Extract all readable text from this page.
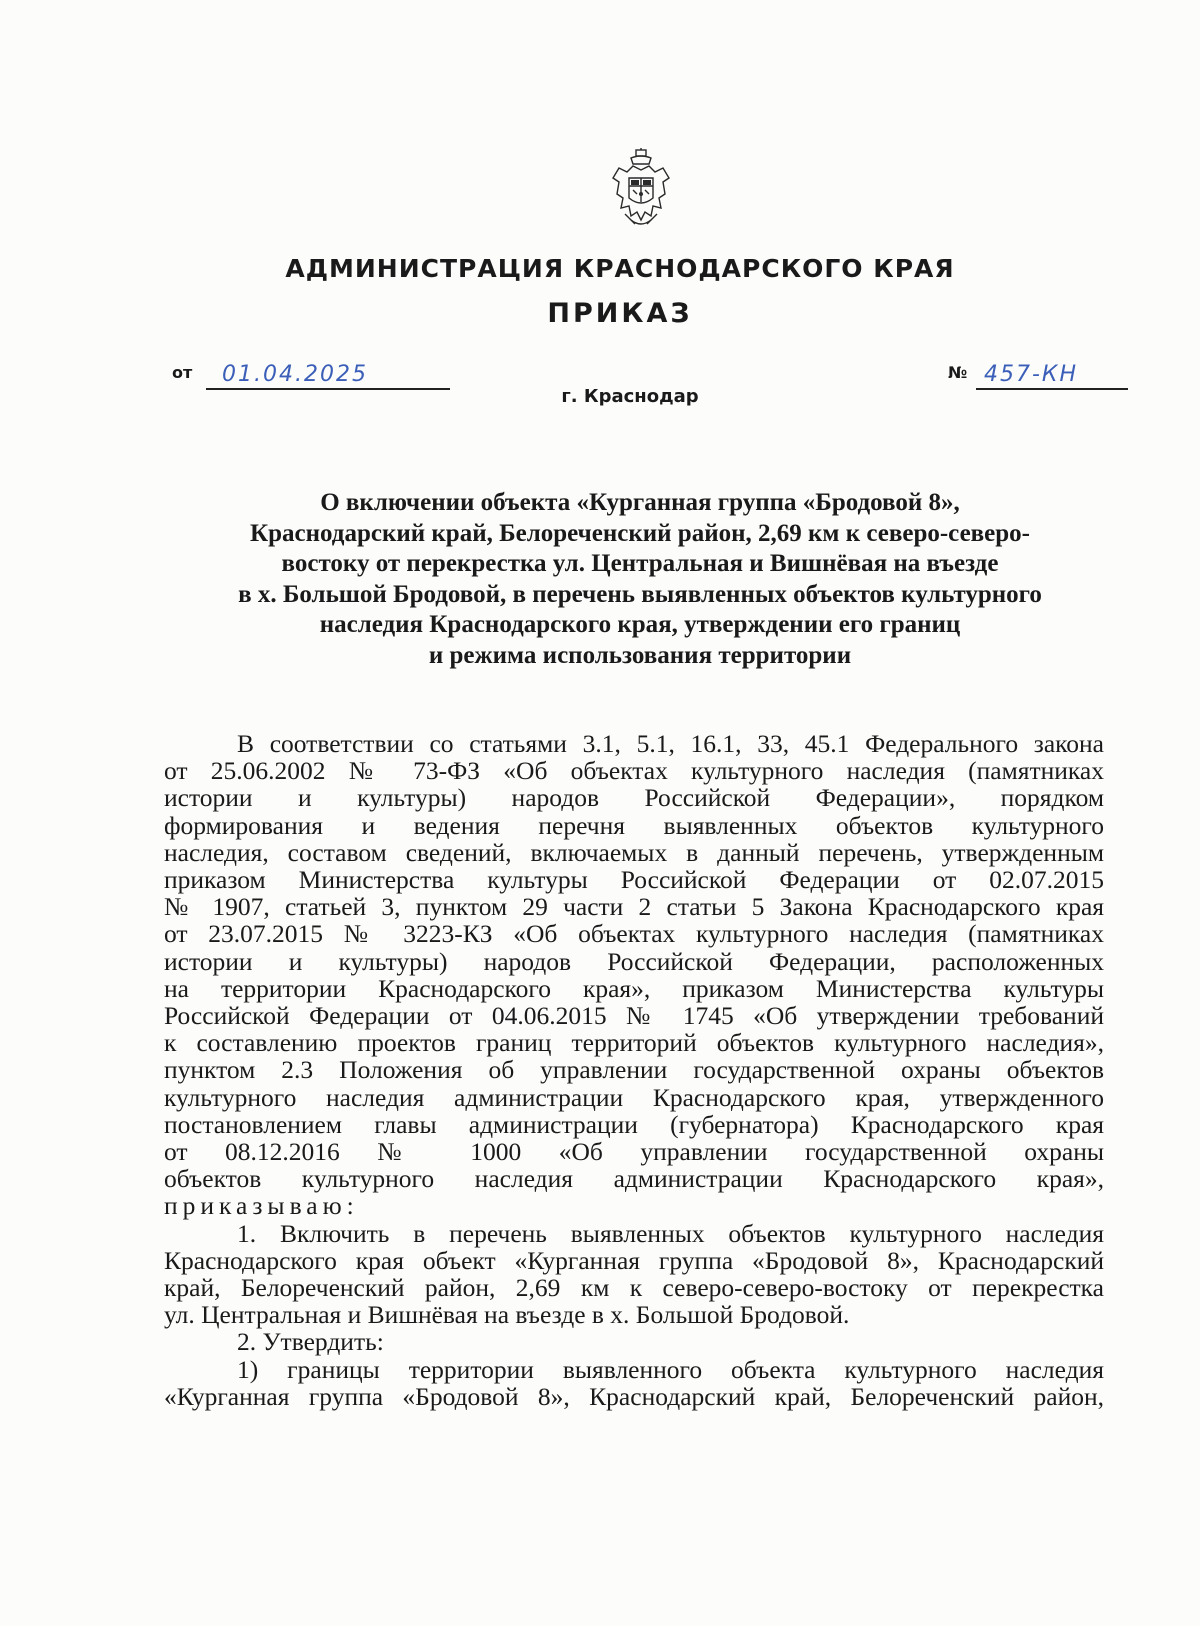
АДМИНИСТРАЦИЯ КРАСНОДАРСКОГО КРАЯ
ПРИКАЗ
от 01.04.2025	№ 457-КН
г. Краснодар
О включении объекта «Курганная группа «Бродовой 8»,
Краснодарский край, Белореченский район, 2,69 км к северо-северо-
востоку от перекрестка ул. Центральная и Вишнёвая на въезде
в х. Большой Бродовой, в перечень выявленных объектов культурного
наследия Краснодарского края, утверждении его границ
и режима использования территории
В соответствии со статьями 3.1, 5.1, 16.1, 33, 45.1 Федерального закона
от 25.06.2002 № 73-ФЗ «Об объектах культурного наследия (памятниках
истории и культуры) народов Российской Федерации», порядком
формирования и ведения перечня выявленных объектов культурного
наследия, составом сведений, включаемых в данный перечень, утвержденным
приказом Министерства культуры Российской Федерации от 02.07.2015
№ 1907, статьей 3, пунктом 29 части 2 статьи 5 Закона Краснодарского края
от 23.07.2015 № 3223-КЗ «Об объектах культурного наследия (памятниках
истории и культуры) народов Российской Федерации, расположенных
на территории Краснодарского края», приказом Министерства культуры
Российской Федерации от 04.06.2015 № 1745 «Об утверждении требований
к составлению проектов границ территорий объектов культурного наследия»,
пунктом 2.3 Положения об управлении государственной охраны объектов
культурного наследия администрации Краснодарского края, утвержденного
постановлением главы администрации (губернатора) Краснодарского края
от 08.12.2016 № 1000 «Об управлении государственной охраны
объектов культурного наследия администрации Краснодарского края»,
приказываю:
1. Включить в перечень выявленных объектов культурного наследия
Краснодарского края объект «Курганная группа «Бродовой 8», Краснодарский
край, Белореченский район, 2,69 км к северо-северо-востоку от перекрестка
ул. Центральная и Вишнёвая на въезде в х. Большой Бродовой.
2. Утвердить:
1) границы территории выявленного объекта культурного наследия
«Курганная группа «Бродовой 8», Краснодарский край, Белореченский район,
